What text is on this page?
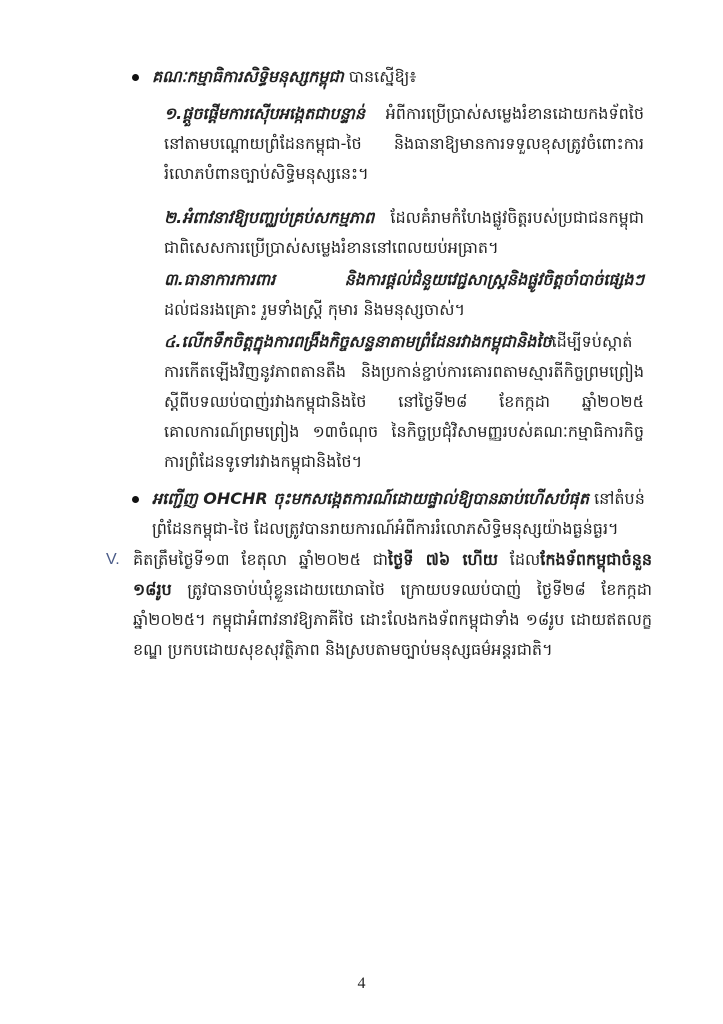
គណៈកម្មាធិការសិទ្ធិមនុស្សកម្ពុជា បានស្នើឱ្យ៖
១.ផ្តួចផ្តើមការស៊ើបអង្កេតជាបន្ទាន់ អំពីការប្រើប្រាស់សម្លេងរំខានដោយកងទ័ពថៃ នៅតាមបណ្តោយព្រំដែនកម្ពុជា-ថៃ និងធានាឱ្យមានការទទួលខុសត្រូវចំពោះការរំលោភបំពានច្បាប់សិទ្ធិមនុស្សនេះ។
២.អំពាវនាវឱ្យបញ្ឈប់គ្រប់សកម្មភាព ដែលគំរាមកំហែងផ្លូវចិត្តរបស់ប្រជាជនកម្ពុជា ជាពិសេសការប្រើប្រាស់សម្លេងរំខាននៅពេលយប់អធ្រាត។
៣.ធានាការការពារ និងការផ្តល់ជំនួយវេជ្ជសាស្ត្រនិងផ្លូវចិត្តចាំបាច់ផ្សេងៗ ដល់ជនរងគ្រោះ រួមទាំងស្ត្រី កុមារ និងមនុស្សចាស់។
៤.លើកទឹកចិត្តក្នុងការពង្រឹងកិច្ចសន្ទនាតាមព្រំដែនរវាងកម្ពុជានិងថៃដើម្បីទប់ស្កាត់ការកើតឡើងវិញនូវភាពតានតឹង និងប្រកាន់ខ្ជាប់ការគោរពតាមស្មារតីកិច្ចព្រមព្រៀងស្តីពីបទឈប់បាញ់រវាងកម្ពុជានិងថៃ នៅថ្ងៃទី២៨ ខែកក្កដា ឆ្នាំ២០២៥ គោលការណ៍ព្រមព្រៀង ១៣ចំណុច នៃកិច្ចប្រជុំវិសាមញ្ញរបស់គណៈកម្មាធិការកិច្ចការព្រំដែនទូទៅរវាងកម្ពុជានិងថៃ។
អញ្ជើញ OHCHR ចុះមកសង្កេតការណ៍ដោយផ្ទាល់ឱ្យបានឆាប់ហើសបំផុត នៅតំបន់ព្រំដែនកម្ពុជា-ថៃ ដែលត្រូវបានរាយការណ៍អំពីការរំលោភសិទ្ធិមនុស្សយ៉ាងធ្ងន់ធ្ងរ។
V. គិតត្រឹមថ្ងៃទី១៣ ខែតុលា ឆ្នាំ២០២៥ ជាថ្ងៃទី ៧៦ ហើយ ដែលកែងទ័ពកម្ពុជាចំនួន ១៨រូប ត្រូវបានចាប់ឃុំខ្លួនដោយយោធាថៃ ក្រោយបទឈប់បាញ់ ថ្ងៃទី២៨ ខែកក្កដា ឆ្នាំ២០២៥។ កម្ពុជាអំពាវនាវឱ្យភាគីថៃ ដោះលែងកងទ័ពកម្ពុជាទាំង ១៨រូប ដោយឥតលក្ខខណ្ឌ ប្រកបដោយសុខសុវត្ថិភាព និងស្របតាមច្បាប់មនុស្សធម៌អន្តរជាតិ។
4
